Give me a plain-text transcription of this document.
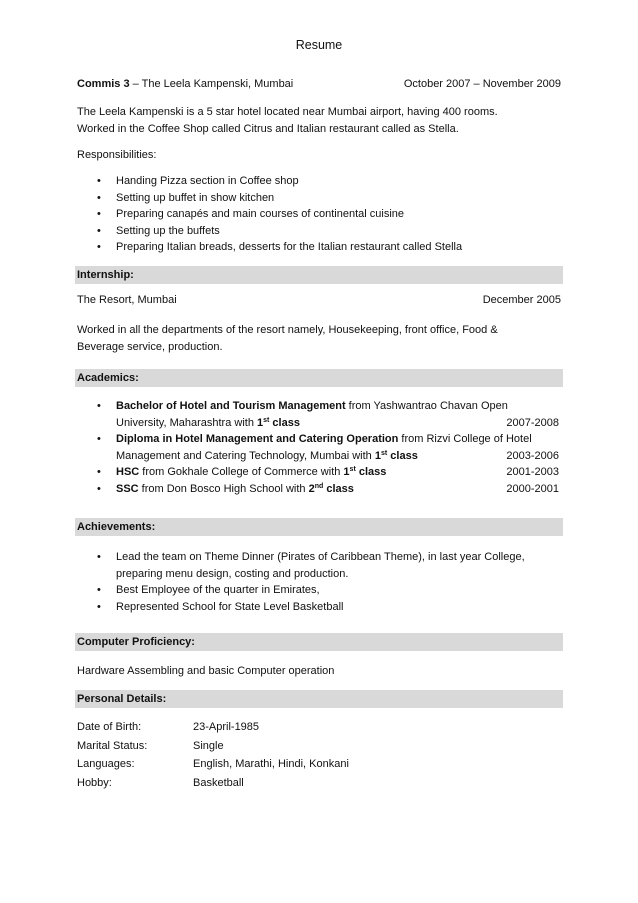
Resume
Commis 3 – The Leela Kampenski, Mumbai	October 2007 – November 2009
The Leela Kampenski is a 5 star hotel located near Mumbai airport, having 400 rooms.
Worked in the Coffee Shop called Citrus and Italian restaurant called as Stella.
Responsibilities:
• Handing Pizza section in Coffee shop
• Setting up buffet in show kitchen
• Preparing canapés and main courses of continental cuisine
• Setting up the buffets
• Preparing Italian breads, desserts for the Italian restaurant called Stella
Internship:
The Resort, Mumbai	December 2005
Worked in all the departments of the resort namely, Housekeeping, front office, Food &
Beverage service, production.
Academics:
• Bachelor of Hotel and Tourism Management from Yashwantrao Chavan Open
University, Maharashtra with 1st class	2007-2008
• Diploma in Hotel Management and Catering Operation from Rizvi College of Hotel
Management and Catering Technology, Mumbai with 1st class	2003-2006
• HSC from Gokhale College of Commerce with 1st class	2001-2003
• SSC from Don Bosco High School with 2nd class	2000-2001
Achievements:
• Lead the team on Theme Dinner (Pirates of Caribbean Theme), in last year College,
preparing menu design, costing and production.
• Best Employee of the quarter in Emirates,
• Represented School for State Level Basketball
Computer Proficiency:
Hardware Assembling and basic Computer operation
Personal Details:
Date of Birth:	23-April-1985
Marital Status:	Single
Languages:	English, Marathi, Hindi, Konkani
Hobby:	Basketball
